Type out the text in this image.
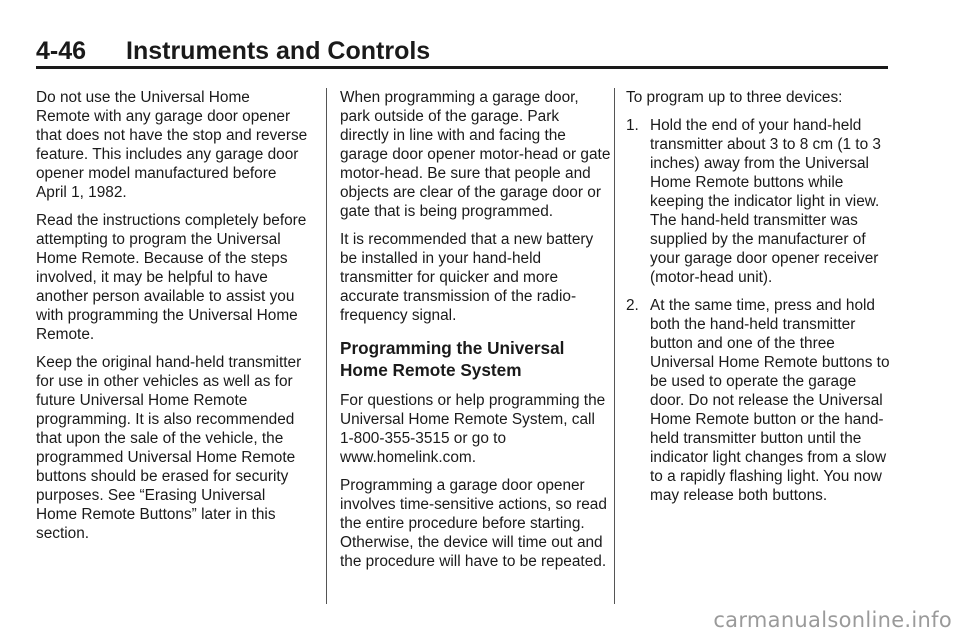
4-46 Instruments and Controls

Do not use the Universal Home Remote with any garage door opener that does not have the stop and reverse feature. This includes any garage door opener model manufactured before April 1, 1982.

Read the instructions completely before attempting to program the Universal Home Remote. Because of the steps involved, it may be helpful to have another person available to assist you with programming the Universal Home Remote.

Keep the original hand-held transmitter for use in other vehicles as well as for future Universal Home Remote programming. It is also recommended that upon the sale of the vehicle, the programmed Universal Home Remote buttons should be erased for security purposes. See “Erasing Universal Home Remote Buttons” later in this section.

When programming a garage door, park outside of the garage. Park directly in line with and facing the garage door opener motor-head or gate motor-head. Be sure that people and objects are clear of the garage door or gate that is being programmed.

It is recommended that a new battery be installed in your hand-held transmitter for quicker and more accurate transmission of the radio-frequency signal.

Programming the Universal Home Remote System

For questions or help programming the Universal Home Remote System, call 1-800-355-3515 or go to www.homelink.com.

Programming a garage door opener involves time-sensitive actions, so read the entire procedure before starting. Otherwise, the device will time out and the procedure will have to be repeated.

To program up to three devices:

1. Hold the end of your hand-held transmitter about 3 to 8 cm (1 to 3 inches) away from the Universal Home Remote buttons while keeping the indicator light in view. The hand-held transmitter was supplied by the manufacturer of your garage door opener receiver (motor-head unit).
2. At the same time, press and hold both the hand-held transmitter button and one of the three Universal Home Remote buttons to be used to operate the garage door. Do not release the Universal Home Remote button or the hand-held transmitter button until the indicator light changes from a slow to a rapidly flashing light. You now may release both buttons.
carmanualsonline.info
